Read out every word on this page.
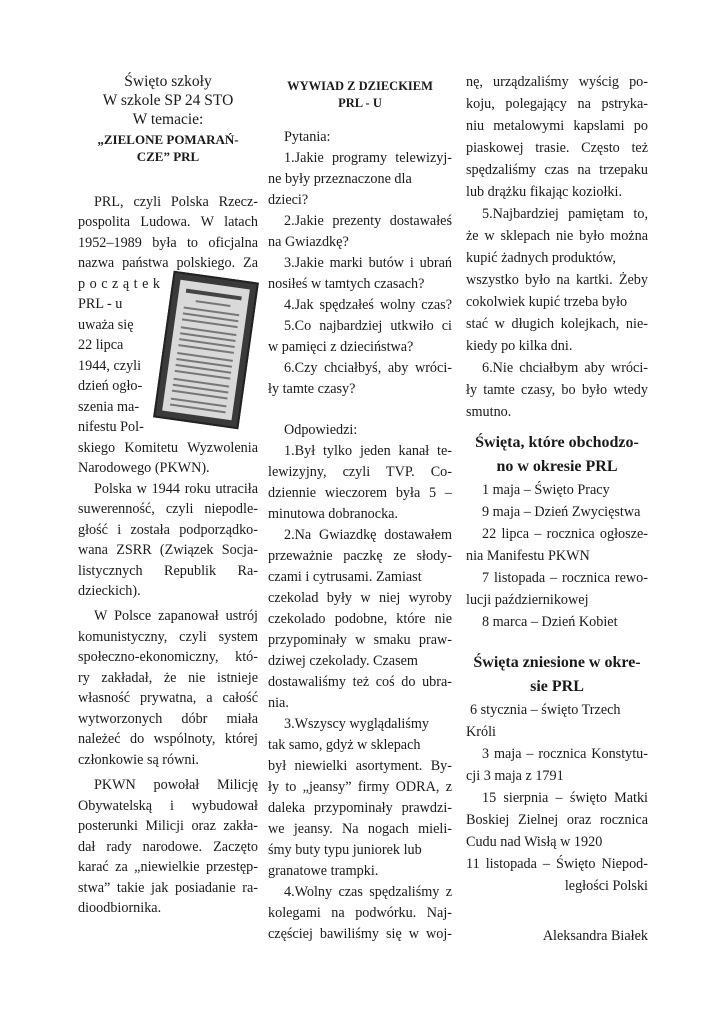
Święto szkoły
W szkole SP 24 STO
W temacie:
„ZIELONE POMARAŃ-
CZE” PRL
PRL, czyli Polska Rzecz-
pospolita Ludowa. W latach
1952–1989 była to oficjalna
nazwa państwa polskiego. Za
p o c z ą t e k
PRL - u
uważa się
22 lipca
1944, czyli
dzień ogło-
szenia ma-
nifestu Pol-
skiego Komitetu Wyzwolenia
Narodowego (PKWN).
Polska w 1944 roku utraciła
suwerenność, czyli niepodle-
głość i została podporządko-
wana ZSRR (Związek Socja-
listycznych Republik Ra-
dzieckich).
W Polsce zapanował ustrój
komunistyczny, czyli system
społeczno-ekonomiczny, któ-
ry zakładał, że nie istnieje
własność prywatna, a całość
wytworzonych dóbr miała
należeć do wspólnoty, której
członkowie są równi.
PKWN powołał Milicję
Obywatelską i wybudował
posterunki Milicji oraz zakła-
dał rady narodowe. Zaczęto
karać za „niewielkie przestęp-
stwa” takie jak posiadanie ra-
dioodbiornika.
WYWIAD Z DZIECKIEM
PRL - U
Pytania:
1.Jakie programy telewizyj-
ne były przeznaczone dla
dzieci?
2.Jakie prezenty dostawałeś
na Gwiazdkę?
3.Jakie marki butów i ubrań
nosiłeś w tamtych czasach?
4.Jak spędzałeś wolny czas?
5.Co najbardziej utkwiło ci
w pamięci z dzieciństwa?
6.Czy chciałbyś, aby wróci-
ły tamte czasy?
Odpowiedzi:
1.Był tylko jeden kanał te-
lewizyjny, czyli TVP. Co-
dziennie wieczorem była 5 –
minutowa dobranocka.
2.Na Gwiazdkę dostawałem
przeważnie paczkę ze słody-
czami i cytrusami. Zamiast
czekolad były w niej wyroby
czekolado podobne, które nie
przypominały w smaku praw-
dziwej czekolady. Czasem
dostawaliśmy też coś do ubra-
nia.
3.Wszyscy wyglądaliśmy
tak samo, gdyż w sklepach
był niewielki asortyment. By-
ły to „jeansy” firmy ODRA, z
daleka przypominały prawdzi-
we jeansy. Na nogach mieli-
śmy buty typu juniorek lub
granatowe trampki.
4.Wolny czas spędzaliśmy z
kolegami na podwórku. Naj-
częściej bawiliśmy się w woj-
nę, urządzaliśmy wyścig po-
koju, polegający na pstryka-
niu metalowymi kapslami po
piaskowej trasie. Często też
spędzaliśmy czas na trzepaku
lub drążku fikając koziołki.
5.Najbardziej pamiętam to,
że w sklepach nie było można
kupić żadnych produktów,
wszystko było na kartki. Żeby
cokolwiek kupić trzeba było
stać w długich kolejkach, nie-
kiedy po kilka dni.
6.Nie chciałbym aby wróci-
ły tamte czasy, bo było wtedy
smutno.
Święta, które obchodzo-
no w okresie PRL
1 maja – Święto Pracy
9 maja – Dzień Zwycięstwa
22 lipca – rocznica ogłosze-
nia Manifestu PKWN
7 listopada – rocznica rewo-
lucji październikowej
8 marca – Dzień Kobiet
Święta zniesione w okre-
sie PRL
6 stycznia – święto Trzech
Króli
3 maja – rocznica Konstytu-
cji 3 maja z 1791
15 sierpnia – święto Matki
Boskiej Zielnej oraz rocznica
Cudu nad Wisłą w 1920
11 listopada – Święto Niepod-
ległości Polski
Aleksandra Białek
